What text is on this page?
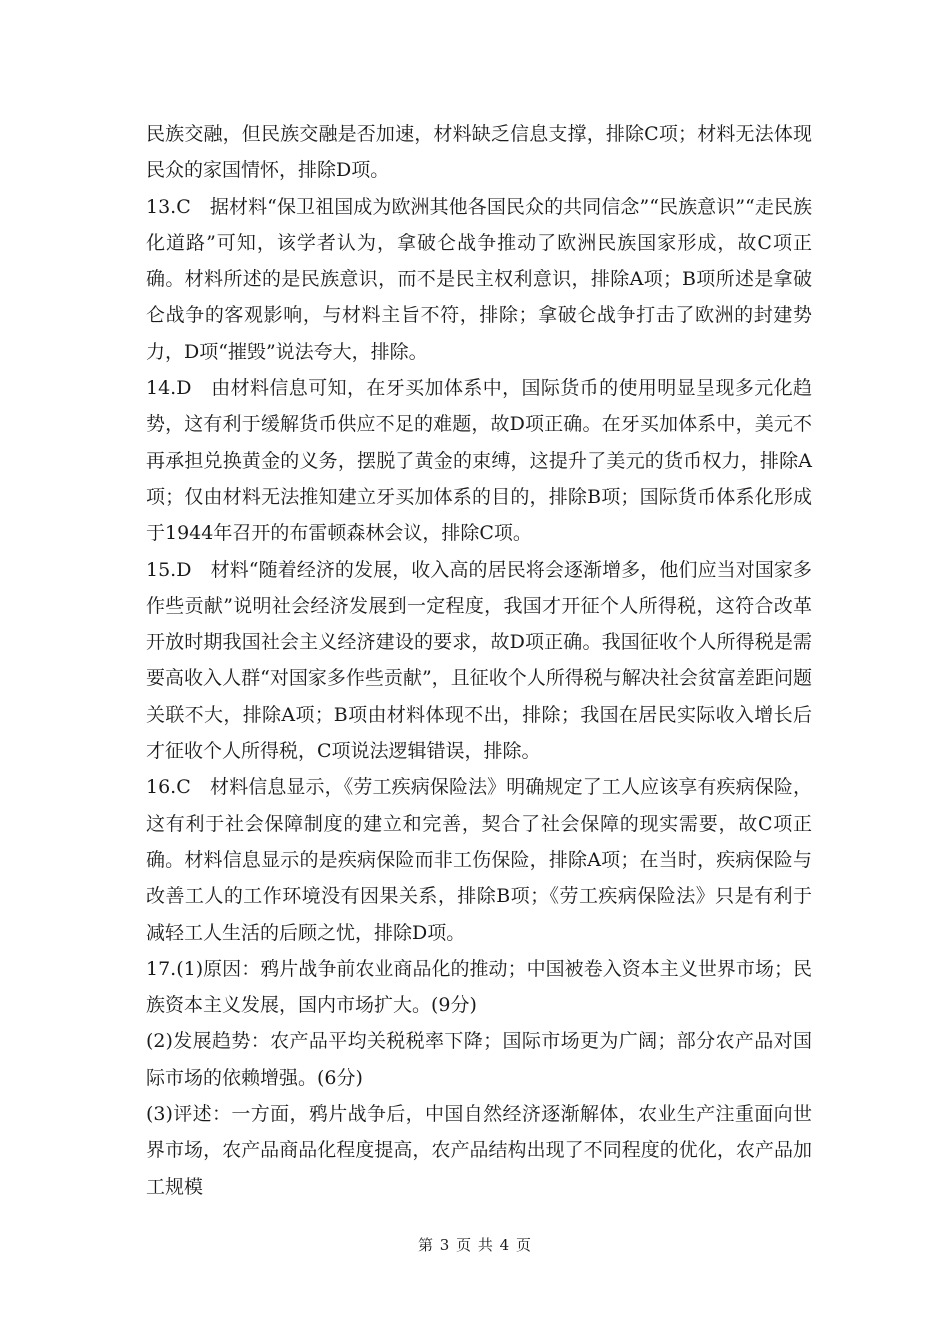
民族交融，但民族交融是否加速，材料缺乏信息支撑，排除C项；材料无法体现民众的家国情怀，排除D项。

13.C　据材料“保卫祖国成为欧洲其他各国民众的共同信念”“民族意识”“走民族化道路”可知，该学者认为，拿破仑战争推动了欧洲民族国家形成，故C项正确。材料所述的是民族意识，而不是民主权利意识，排除A项；B项所述是拿破仑战争的客观影响，与材料主旨不符，排除；拿破仑战争打击了欧洲的封建势力，D项“摧毁”说法夸大，排除。

14.D　由材料信息可知，在牙买加体系中，国际货币的使用明显呈现多元化趋势，这有利于缓解货币供应不足的难题，故D项正确。在牙买加体系中，美元不再承担兑换黄金的义务，摆脱了黄金的束缚，这提升了美元的货币权力，排除A项；仅由材料无法推知建立牙买加体系的目的，排除B项；国际货币体系化形成于1944年召开的布雷顿森林会议，排除C项。

15.D　材料“随着经济的发展，收入高的居民将会逐渐增多，他们应当对国家多作些贡献”说明社会经济发展到一定程度，我国才开征个人所得税，这符合改革开放时期我国社会主义经济建设的要求，故D项正确。我国征收个人所得税是需要高收入人群“对国家多作些贡献”，且征收个人所得税与解决社会贫富差距问题关联不大，排除A项；B项由材料体现不出，排除；我国在居民实际收入增长后才征收个人所得税，C项说法逻辑错误，排除。

16.C　材料信息显示，《劳工疾病保险法》明确规定了工人应该享有疾病保险，这有利于社会保障制度的建立和完善，契合了社会保障的现实需要，故C项正确。材料信息显示的是疾病保险而非工伤保险，排除A项；在当时，疾病保险与改善工人的工作环境没有因果关系，排除B项；《劳工疾病保险法》只是有利于减轻工人生活的后顾之忧，排除D项。

17.(1)原因：鸦片战争前农业商品化的推动；中国被卷入资本主义世界市场；民族资本主义发展，国内市场扩大。(9分)

(2)发展趋势：农产品平均关税税率下降；国际市场更为广阔；部分农产品对国际市场的依赖增强。(6分)

(3)评述：一方面，鸦片战争后，中国自然经济逐渐解体，农业生产注重面向世界市场，农产品商品化程度提高，农产品结构出现了不同程度的优化，农产品加工规模

第 3 页 共 4 页
